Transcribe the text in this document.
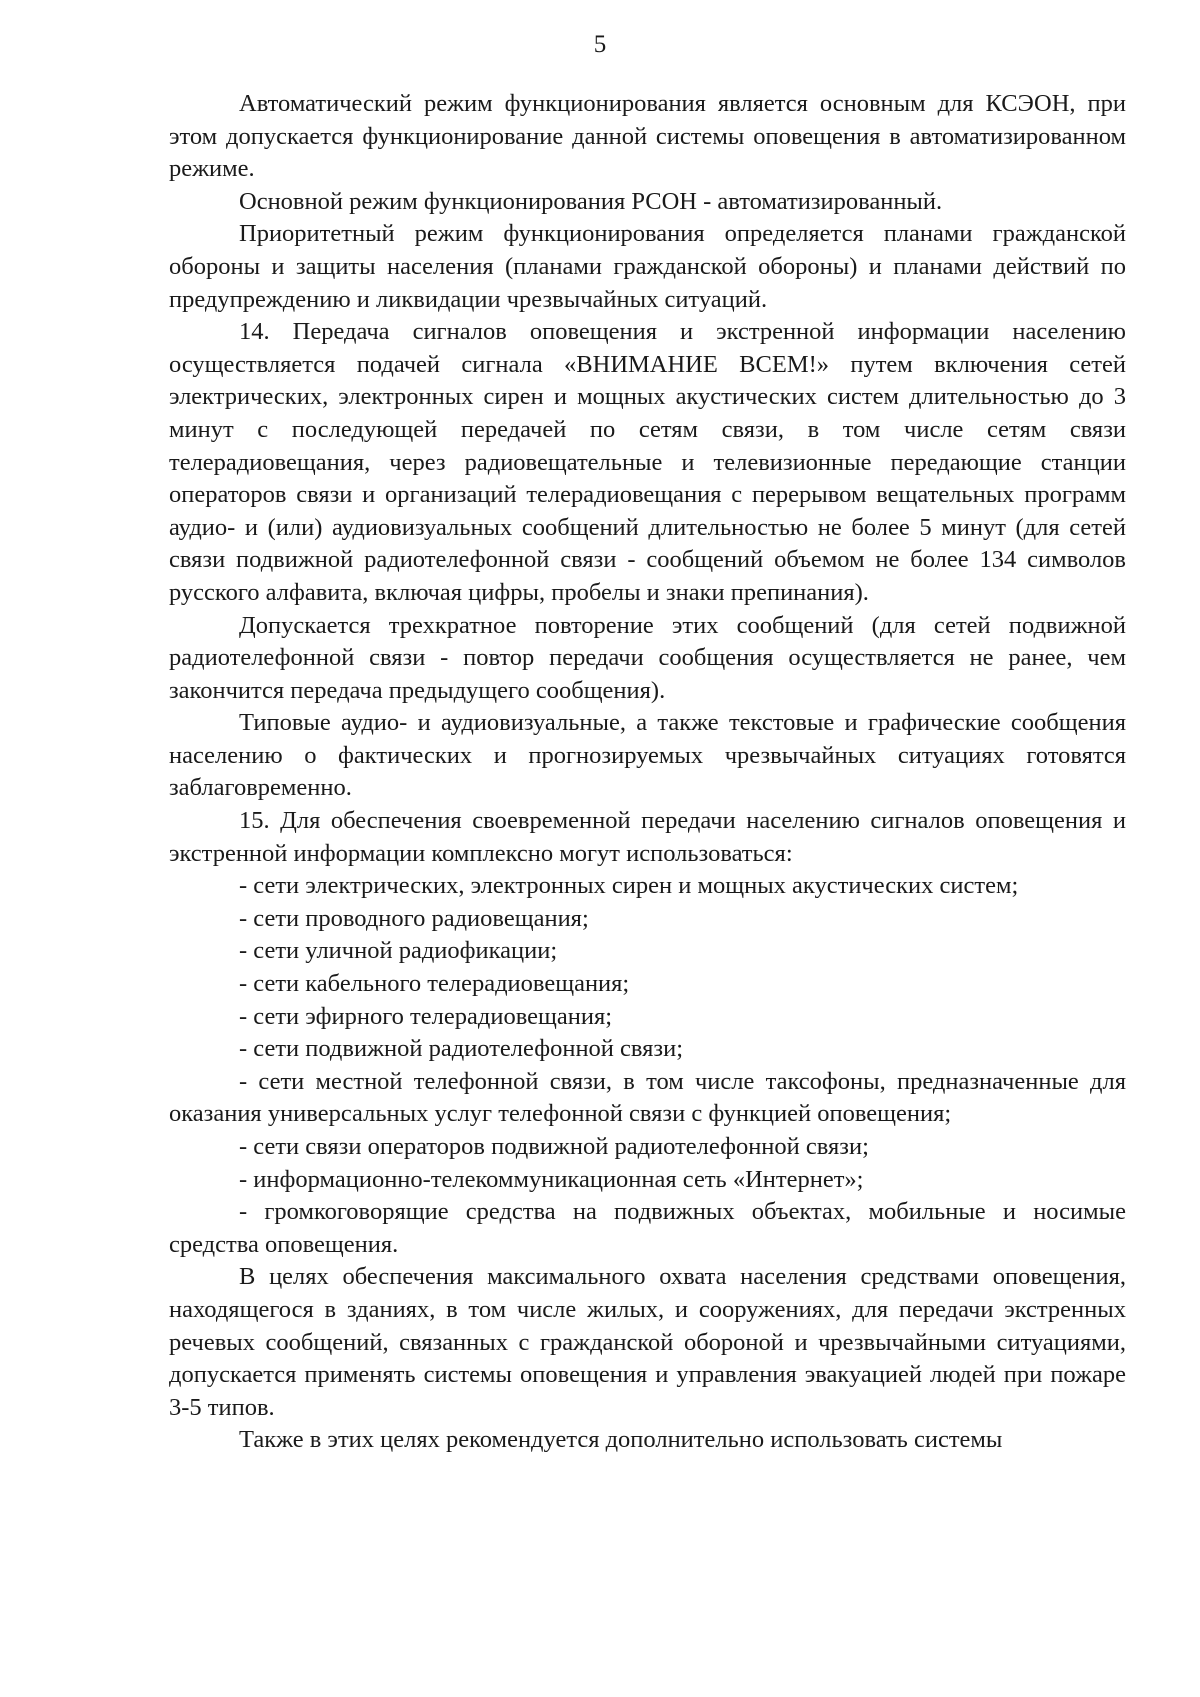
5

Автоматический режим функционирования является основным для КСЭОН, при этом допускается функционирование данной системы оповещения в автоматизированном режиме.

Основной режим функционирования РСОН - автоматизированный.

Приоритетный режим функционирования определяется планами гражданской обороны и защиты населения (планами гражданской обороны) и планами действий по предупреждению и ликвидации чрезвычайных ситуаций.

14. Передача сигналов оповещения и экстренной информации населению осуществляется подачей сигнала «ВНИМАНИЕ ВСЕМ!» путем включения сетей электрических, электронных сирен и мощных акустических систем длительностью до 3 минут с последующей передачей по сетям связи, в том числе сетям связи телерадиовещания, через радиовещательные и телевизионные передающие станции операторов связи и организаций телерадиовещания с перерывом вещательных программ аудио- и (или) аудиовизуальных сообщений длительностью не более 5 минут (для сетей связи подвижной радиотелефонной связи - сообщений объемом не более 134 символов русского алфавита, включая цифры, пробелы и знаки препинания).

Допускается трехкратное повторение этих сообщений (для сетей подвижной радиотелефонной связи - повтор передачи сообщения осуществляется не ранее, чем закончится передача предыдущего сообщения).

Типовые аудио- и аудиовизуальные, а также текстовые и графические сообщения населению о фактических и прогнозируемых чрезвычайных ситуациях готовятся заблаговременно.

15. Для обеспечения своевременной передачи населению сигналов оповещения и экстренной информации комплексно могут использоваться:

- сети электрических, электронных сирен и мощных акустических систем;

- сети проводного радиовещания;

- сети уличной радиофикации;

- сети кабельного телерадиовещания;

- сети эфирного телерадиовещания;

- сети подвижной радиотелефонной связи;

- сети местной телефонной связи, в том числе таксофоны, предназначенные для оказания универсальных услуг телефонной связи с функцией оповещения;

- сети связи операторов подвижной радиотелефонной связи;

- информационно-телекоммуникационная сеть «Интернет»;

- громкоговорящие средства на подвижных объектах, мобильные и носимые средства оповещения.

В целях обеспечения максимального охвата населения средствами оповещения, находящегося в зданиях, в том числе жилых, и сооружениях, для передачи экстренных речевых сообщений, связанных с гражданской обороной и чрезвычайными ситуациями, допускается применять системы оповещения и управления эвакуацией людей при пожаре 3-5 типов.

Также в этих целях рекомендуется дополнительно использовать системы
